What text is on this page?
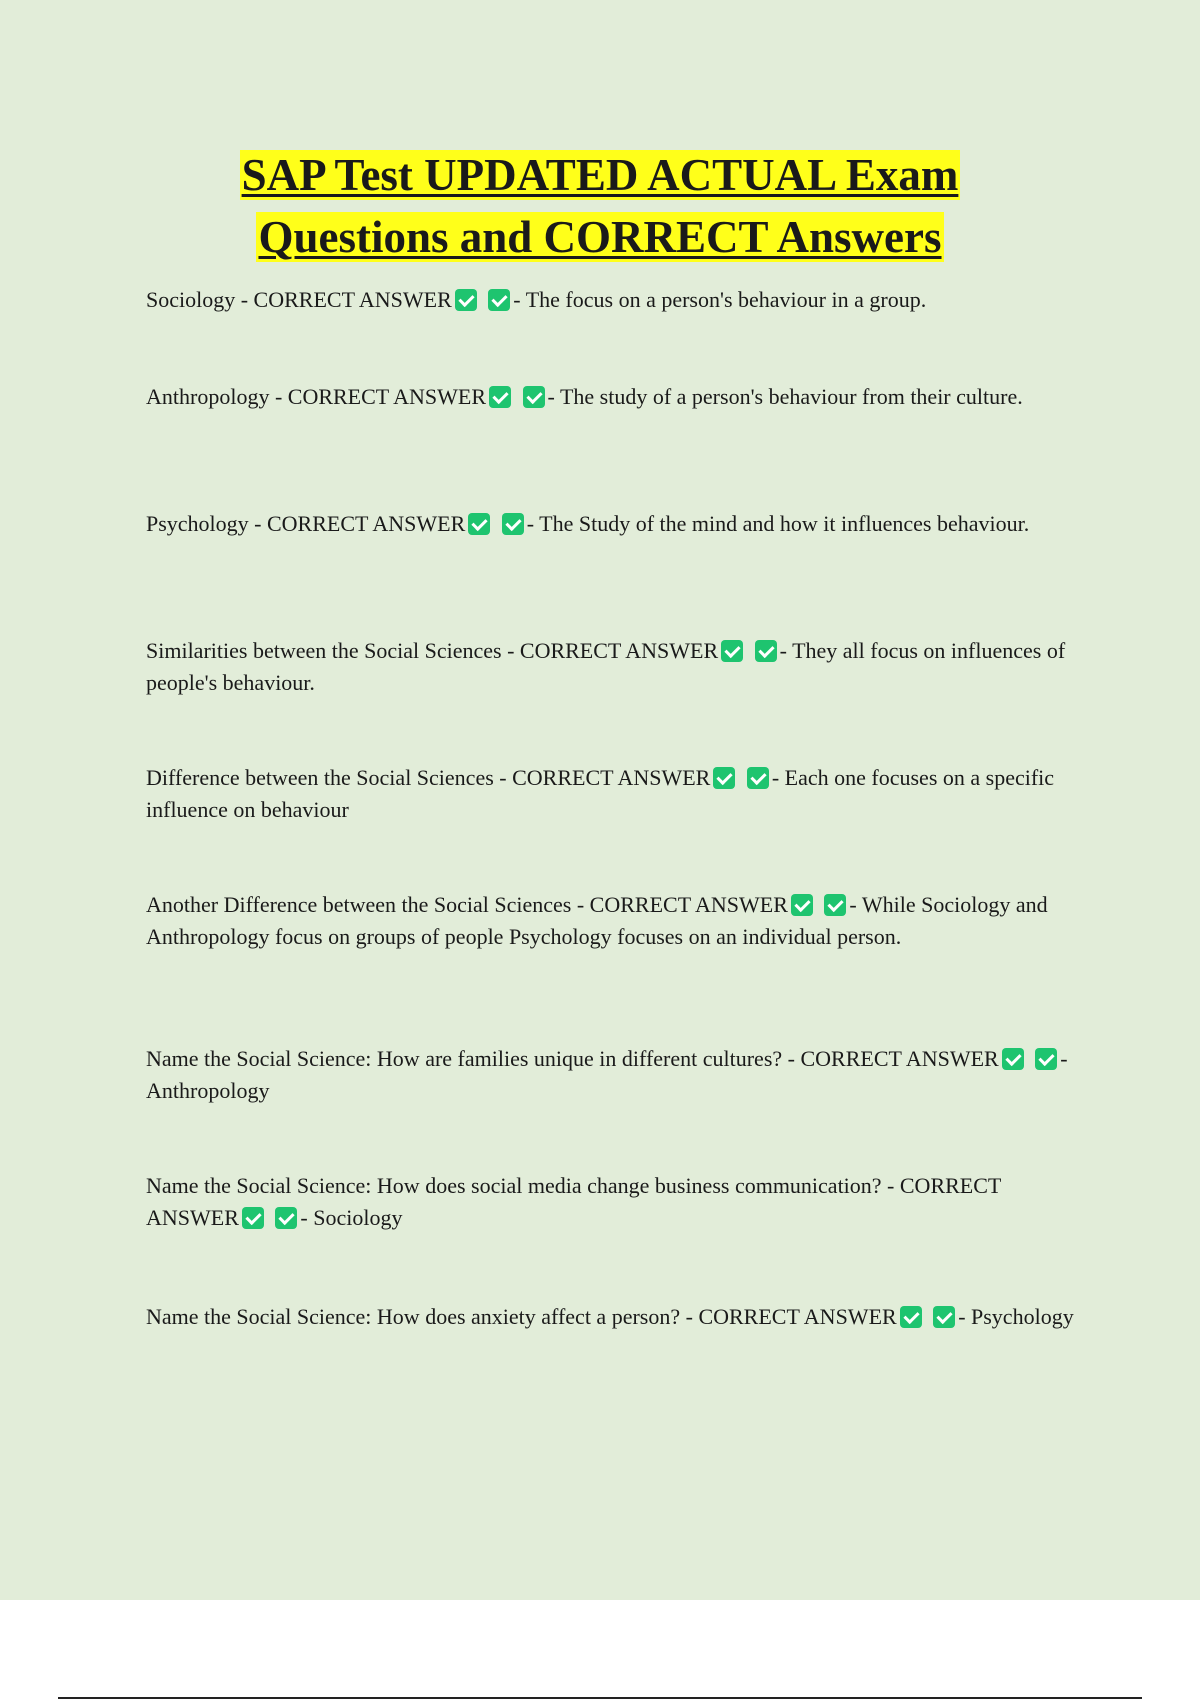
SAP Test UPDATED ACTUAL Exam
Questions and CORRECT Answers

Sociology - CORRECT ANSWER	- The focus on a person's behaviour in a group.

Anthropology - CORRECT ANSWER	- The study of a person's behaviour from their culture.

Psychology - CORRECT ANSWER	- The Study of the mind and how it influences behaviour.

Similarities between the Social Sciences - CORRECT ANSWER	- They all focus on influences of people's behaviour.

Difference between the Social Sciences - CORRECT ANSWER	- Each one focuses on a specific influence on behaviour

Another Difference between the Social Sciences - CORRECT ANSWER	- While Sociology and Anthropology focus on groups of people Psychology focuses on an individual person.

Name the Social Science: How are families unique in different cultures? - CORRECT ANSWER	- Anthropology

Name the Social Science: How does social media change business communication? - CORRECT ANSWER	- Sociology

Name the Social Science: How does anxiety affect a person? - CORRECT ANSWER	- Psychology
